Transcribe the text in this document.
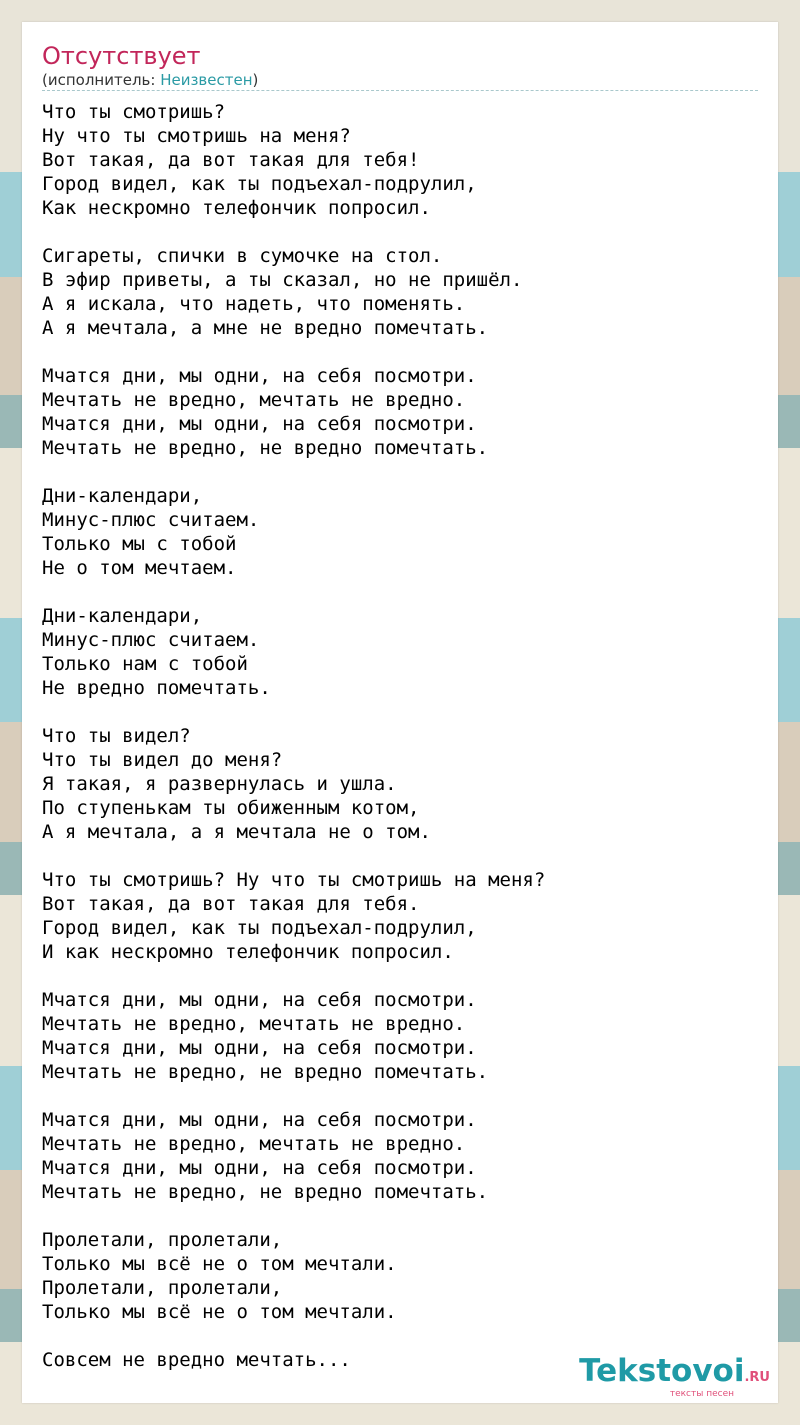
Отсутствует
(исполнитель: Неизвестен)
Что ты смотришь?
Ну что ты смотришь на меня?
Вот такая, да вот такая для тебя!
Город видел, как ты подъехал-подрулил,
Как нескромно телефончик попросил.

Сигареты, спички в сумочке на стол.
В эфир приветы, а ты сказал, но не пришёл.
А я искала, что надеть, что поменять.
А я мечтала, а мне не вредно помечтать.

Мчатся дни, мы одни, на себя посмотри.
Мечтать не вредно, мечтать не вредно.
Мчатся дни, мы одни, на себя посмотри.
Мечтать не вредно, не вредно помечтать.

Дни-календари,
Минус-плюс считаем.
Только мы с тобой
Не о том мечтаем.

Дни-календари,
Минус-плюс считаем.
Только нам с тобой
Не вредно помечтать.

Что ты видел?
Что ты видел до меня?
Я такая, я развернулась и ушла.
По ступенькам ты обиженным котом,
А я мечтала, а я мечтала не о том.

Что ты смотришь? Ну что ты смотришь на меня?
Вот такая, да вот такая для тебя.
Город видел, как ты подъехал-подрулил,
И как нескромно телефончик попросил.

Мчатся дни, мы одни, на себя посмотри.
Мечтать не вредно, мечтать не вредно.
Мчатся дни, мы одни, на себя посмотри.
Мечтать не вредно, не вредно помечтать.

Мчатся дни, мы одни, на себя посмотри.
Мечтать не вредно, мечтать не вредно.
Мчатся дни, мы одни, на себя посмотри.
Мечтать не вредно, не вредно помечтать.

Пролетали, пролетали,
Только мы всё не о том мечтали.
Пролетали, пролетали,
Только мы всё не о том мечтали.

Совсем не вредно мечтать...	Tekstovoi.RU
тексты песен
